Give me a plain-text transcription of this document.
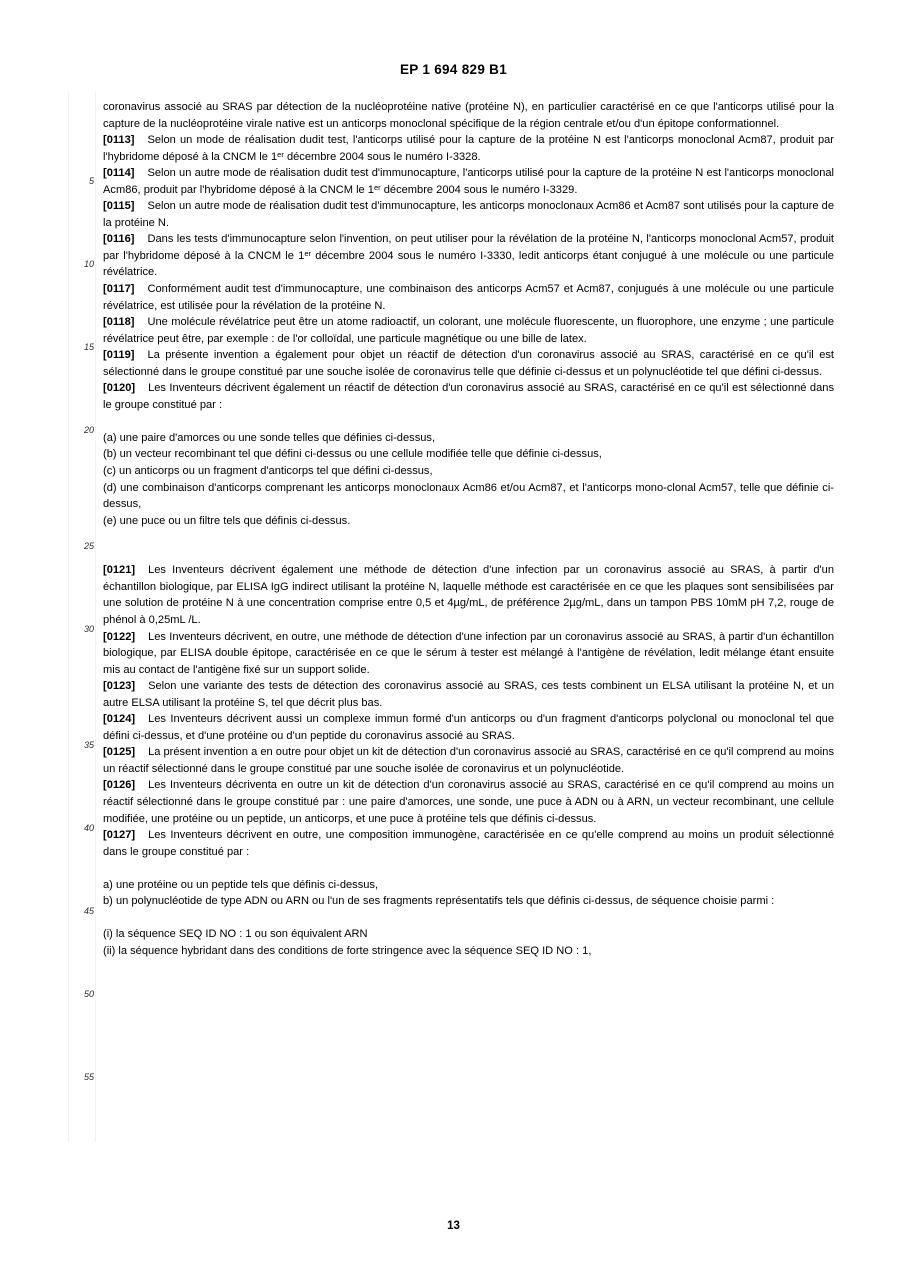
EP 1 694 829 B1
5
10
15
20
25
30
35
40
45
50
55

coronavirus associé au SRAS par détection de la nucléoprotéine native (protéine N), en particulier caractérisé en ce que l'anticorps utilisé pour la capture de la nucléoprotéine virale native est un anticorps monoclonal spécifique de la région centrale et/ou d'un épitope conformationnel.

[0113] Selon un mode de réalisation dudit test, l'anticorps utilisé pour la capture de la protéine N est l'anticorps monoclonal Acm87, produit par l'hybridome déposé à la CNCM le 1er décembre 2004 sous le numéro I-3328.

[0114] Selon un autre mode de réalisation dudit test d'immunocapture, l'anticorps utilisé pour la capture de la protéine N est l'anticorps monoclonal Acm86, produit par l'hybridome déposé à la CNCM le 1er décembre 2004 sous le numéro I-3329.

[0115] Selon un autre mode de réalisation dudit test d'immunocapture, les anticorps monoclonaux Acm86 et Acm87 sont utilisés pour la capture de la protéine N.

[0116] Dans les tests d'immunocapture selon l'invention, on peut utiliser pour la révélation de la protéine N, l'anticorps monoclonal Acm57, produit par l'hybridome déposé à la CNCM le 1er décembre 2004 sous le numéro I-3330, ledit anticorps étant conjugué à une molécule ou une particule révélatrice.

[0117] Conformément audit test d'immunocapture, une combinaison des anticorps Acm57 et Acm87, conjugués à une molécule ou une particule révélatrice, est utilisée pour la révélation de la protéine N.

[0118] Une molécule révélatrice peut être un atome radioactif, un colorant, une molécule fluorescente, un fluorophore, une enzyme ; une particule révélatrice peut être, par exemple : de l'or colloïdal, une particule magnétique ou une bille de latex.

[0119] La présente invention a également pour objet un réactif de détection d'un coronavirus associé au SRAS, caractérisé en ce qu'il est sélectionné dans le groupe constitué par une souche isolée de coronavirus telle que définie ci-dessus et un polynucléotide tel que défini ci-dessus.

[0120] Les Inventeurs décrivent également un réactif de détection d'un coronavirus associé au SRAS, caractérisé en ce qu'il est sélectionné dans le groupe constitué par :

(a) une paire d'amorces ou une sonde telles que définies ci-dessus,

(b) un vecteur recombinant tel que défini ci-dessus ou une cellule modifiée telle que définie ci-dessus,

(c) un anticorps ou un fragment d'anticorps tel que défini ci-dessus,

(d) une combinaison d'anticorps comprenant les anticorps monoclonaux Acm86 et/ou Acm87, et l'anticorps mono-clonal Acm57, telle que définie ci-dessus,

(e) une puce ou un filtre tels que définis ci-dessus.

[0121] Les Inventeurs décrivent également une méthode de détection d'une infection par un coronavirus associé au SRAS, à partir d'un échantillon biologique, par ELISA IgG indirect utilisant la protéine N, laquelle méthode est caractérisée en ce que les plaques sont sensibilisées par une solution de protéine N à une concentration comprise entre 0,5 et 4µg/mL, de préférence 2µg/mL, dans un tampon PBS 10mM pH 7,2, rouge de phénol à 0,25mL /L.

[0122] Les Inventeurs décrivent, en outre, une méthode de détection d'une infection par un coronavirus associé au SRAS, à partir d'un échantillon biologique, par ELISA double épitope, caractérisée en ce que le sérum à tester est mélangé à l'antigène de révélation, ledit mélange étant ensuite mis au contact de l'antigène fixé sur un support solide.

[0123] Selon une variante des tests de détection des coronavirus associé au SRAS, ces tests combinent un ELSA utilisant la protéine N, et un autre ELSA utilisant la protéine S, tel que décrit plus bas.

[0124] Les Inventeurs décrivent aussi un complexe immun formé d'un anticorps ou d'un fragment d'anticorps polyclonal ou monoclonal tel que défini ci-dessus, et d'une protéine ou d'un peptide du coronavirus associé au SRAS.

[0125] La présent invention a en outre pour objet un kit de détection d'un coronavirus associé au SRAS, caractérisé en ce qu'il comprend au moins un réactif sélectionné dans le groupe constitué par une souche isolée de coronavirus et un polynucléotide.

[0126] Les Inventeurs décriventa en outre un kit de détection d'un coronavirus associé au SRAS, caractérisé en ce qu'il comprend au moins un réactif sélectionné dans le groupe constitué par : une paire d'amorces, une sonde, une puce à ADN ou à ARN, un vecteur recombinant, une cellule modifiée, une protéine ou un peptide, un anticorps, et une puce à protéine tels que définis ci-dessus.

[0127] Les Inventeurs décrivent en outre, une composition immunogène, caractérisée en ce qu'elle comprend au moins un produit sélectionné dans le groupe constitué par :

a) une protéine ou un peptide tels que définis ci-dessus,

b) un polynucléotide de type ADN ou ARN ou l'un de ses fragments représentatifs tels que définis ci-dessus, de séquence choisie parmi :

(i) la séquence SEQ ID NO : 1 ou son équivalent ARN

(ii) la séquence hybridant dans des conditions de forte stringence avec la séquence SEQ ID NO : 1,

13
